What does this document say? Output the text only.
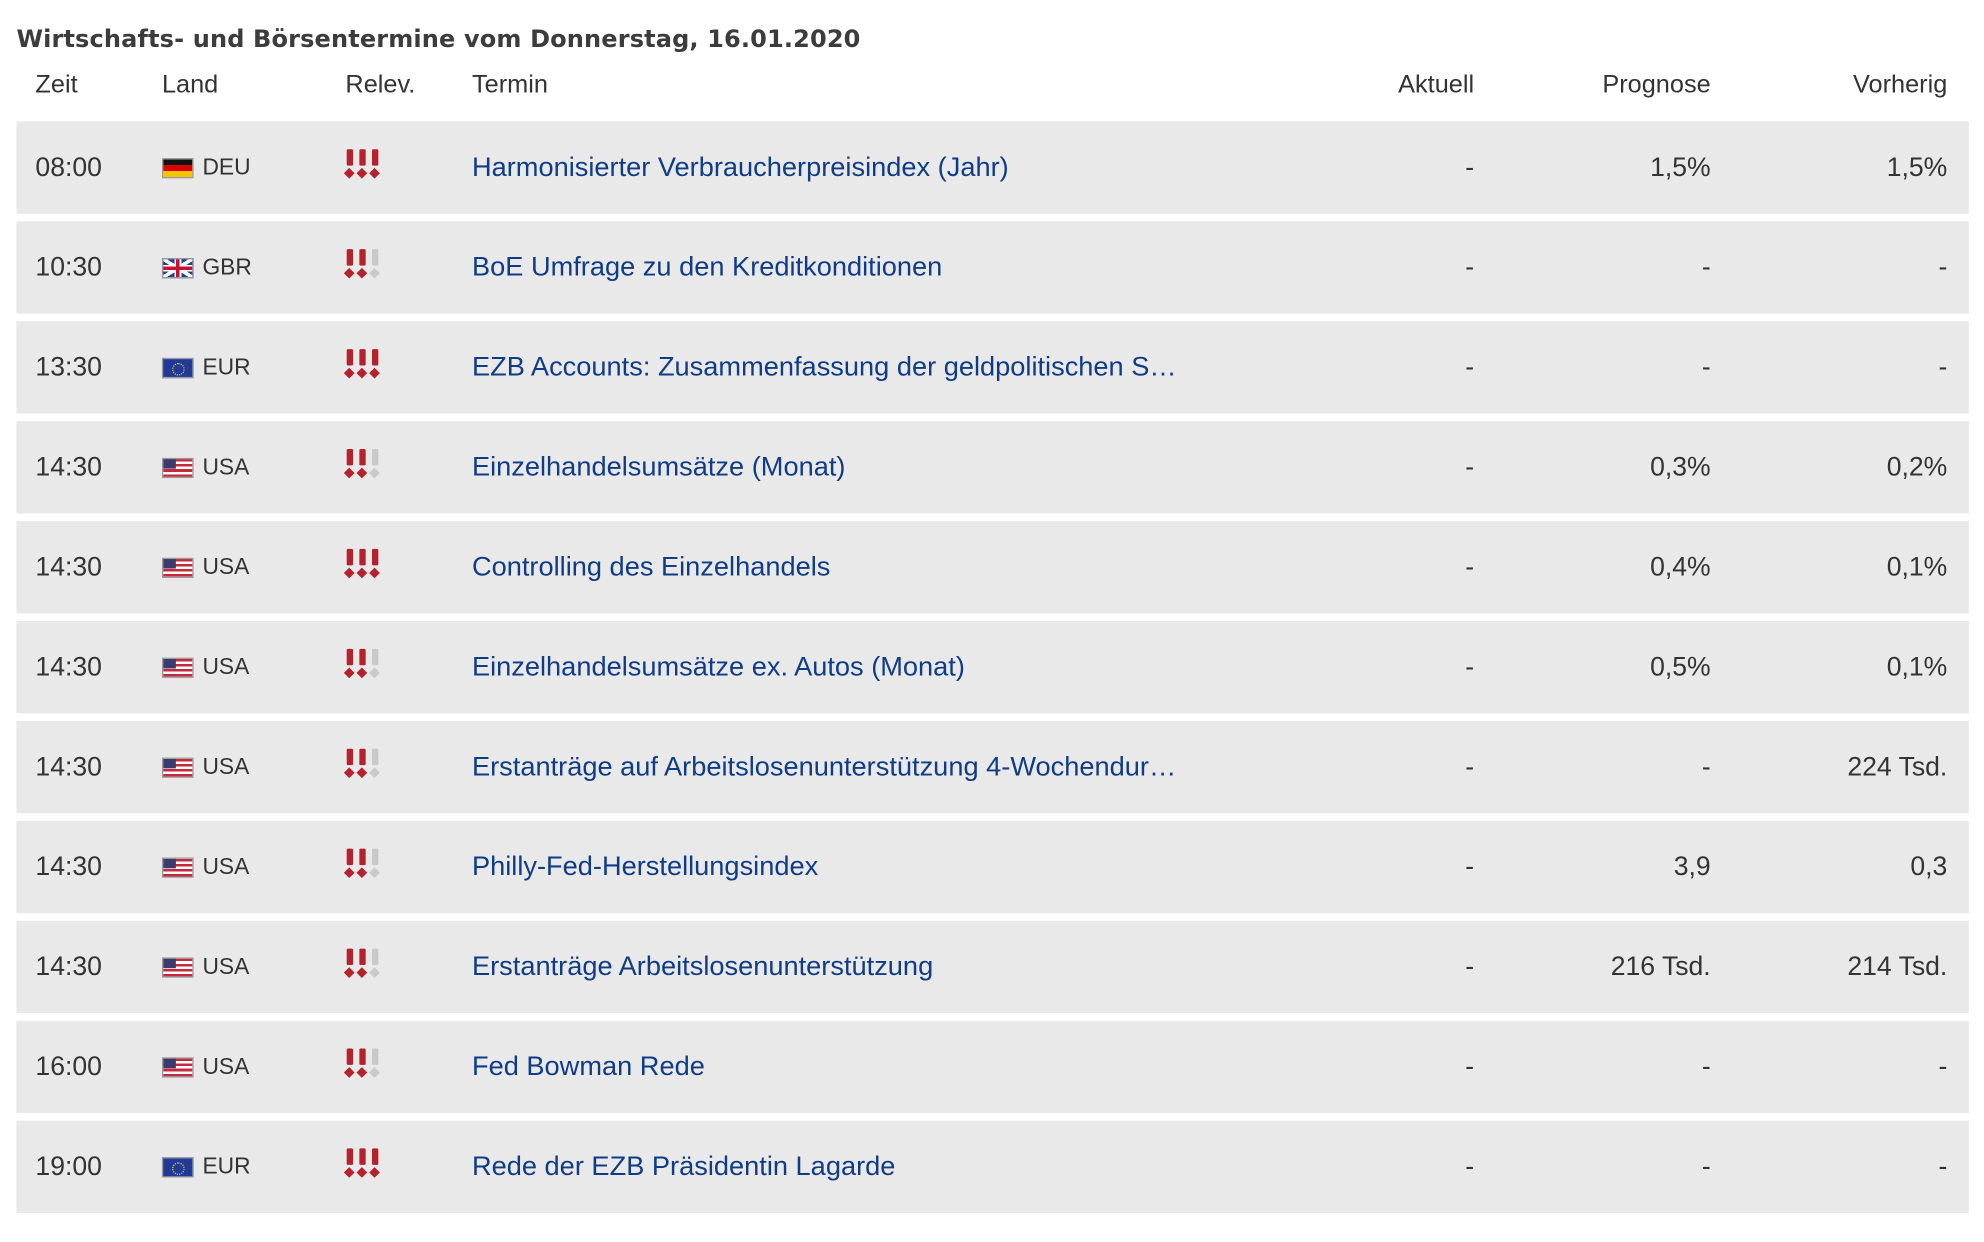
Wirtschafts- und Börsentermine vom Donnerstag, 16.01.2020
Zeit	Land	Relev.	Termin	Aktuell	Prognose	Vorherig
08:00	DEU	Harmonisierter Verbraucherpreisindex (Jahr)	-	1,5%	1,5%
10:30	GBR	BoE Umfrage zu den Kreditkonditionen	-	-	-
13:30	EUR	EZB Accounts: Zusammenfassung der geldpolitischen S…	-	-	-
14:30	USA	Einzelhandelsumsätze (Monat)	-	0,3%	0,2%
14:30	USA	Controlling des Einzelhandels	-	0,4%	0,1%
14:30	USA	Einzelhandelsumsätze ex. Autos (Monat)	-	0,5%	0,1%
14:30	USA	Erstanträge auf Arbeitslosenunterstützung 4-Wochendur…	-	-	224 Tsd.
14:30	USA	Philly-Fed-Herstellungsindex	-	3,9	0,3
14:30	USA	Erstanträge Arbeitslosenunterstützung	-	216 Tsd.	214 Tsd.
16:00	USA	Fed Bowman Rede	-	-	-
19:00	EUR	Rede der EZB Präsidentin Lagarde	-	-	-
